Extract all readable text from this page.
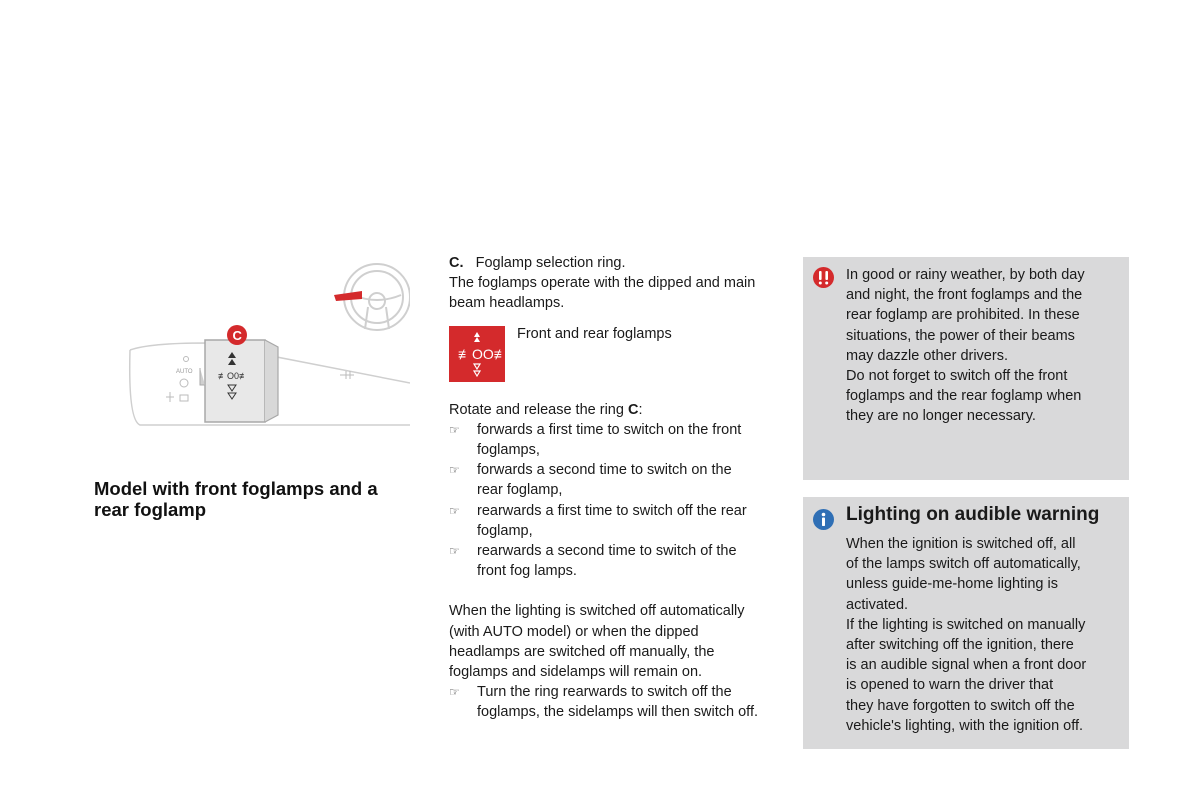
AUTO	≢O0≢
C
Model with front foglamps and a rear foglamp

C. Foglamp selection ring.

The foglamps operate with the dipped and main

beam headlamps.

≢OO≢
Front and rear foglamps

Rotate and release the ring C:

☞	forwards a first time to switch on the front
foglamps,
☞	forwards a second time to switch on the
rear foglamp,
☞	rearwards a first time to switch off the rear
foglamp,
☞	rearwards a second time to switch of the
front fog lamps.

When the lighting is switched off automatically

(with AUTO model) or when the dipped

headlamps are switched off manually, the

foglamps and sidelamps will remain on.

☞	Turn the ring rearwards to switch off the
foglamps, the sidelamps will then switch off.
In good or rainy weather, by both day
and night, the front foglamps and the
rear foglamp are prohibited. In these
situations, the power of their beams
may dazzle other drivers.
Do not forget to switch off the front
foglamps and the rear foglamp when
they are no longer necessary.
Lighting on audible warning
When the ignition is switched off, all
of the lamps switch off automatically,
unless guide-me-home lighting is
activated.
If the lighting is switched on manually
after switching off the ignition, there
is an audible signal when a front door
is opened to warn the driver that
they have forgotten to switch off the
vehicle's lighting, with the ignition off.
